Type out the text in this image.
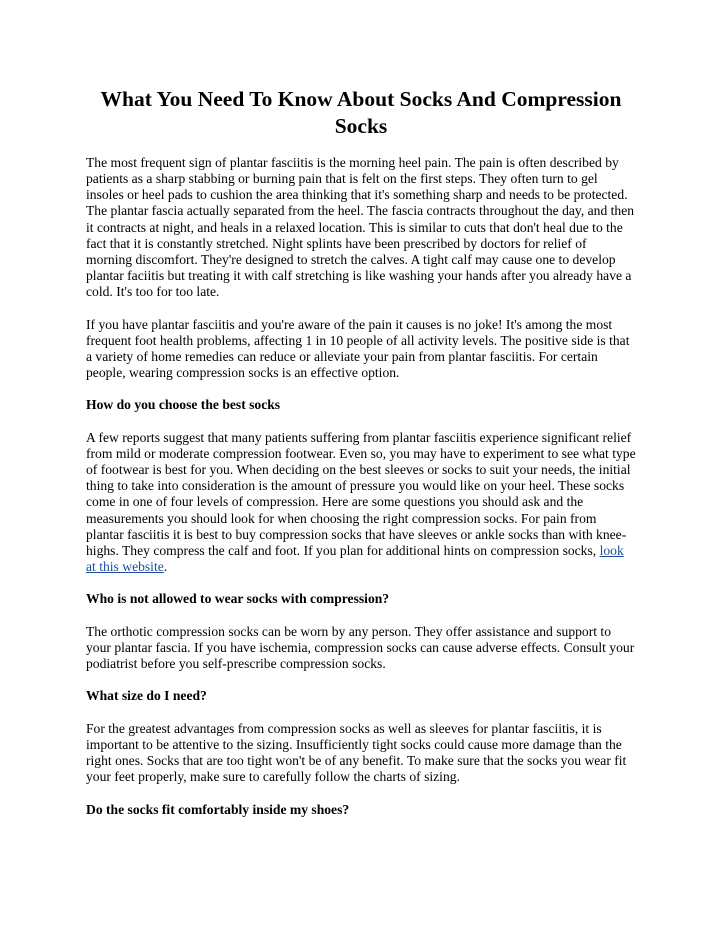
What You Need To Know About Socks And Compression Socks

The most frequent sign of plantar fasciitis is the morning heel pain. The pain is often described by patients as a sharp stabbing or burning pain that is felt on the first steps. They often turn to gel insoles or heel pads to cushion the area thinking that it's something sharp and needs to be protected. The plantar fascia actually separated from the heel. The fascia contracts throughout the day, and then it contracts at night, and heals in a relaxed location. This is similar to cuts that don't heal due to the fact that it is constantly stretched. Night splints have been prescribed by doctors for relief of morning discomfort. They're designed to stretch the calves. A tight calf may cause one to develop plantar faciitis but treating it with calf stretching is like washing your hands after you already have a cold. It's too for too late.

If you have plantar fasciitis and you're aware of the pain it causes is no joke! It's among the most frequent foot health problems, affecting 1 in 10 people of all activity levels. The positive side is that a variety of home remedies can reduce or alleviate your pain from plantar fasciitis. For certain people, wearing compression socks is an effective option.

How do you choose the best socks

A few reports suggest that many patients suffering from plantar fasciitis experience significant relief from mild or moderate compression footwear. Even so, you may have to experiment to see what type of footwear is best for you. When deciding on the best sleeves or socks to suit your needs, the initial thing to take into consideration is the amount of pressure you would like on your heel. These socks come in one of four levels of compression. Here are some questions you should ask and the measurements you should look for when choosing the right compression socks. For pain from plantar fasciitis it is best to buy compression socks that have sleeves or ankle socks than with knee-highs. They compress the calf and foot. If you plan for additional hints on compression socks, look at this website.

Who is not allowed to wear socks with compression?

The orthotic compression socks can be worn by any person. They offer assistance and support to your plantar fascia. If you have ischemia, compression socks can cause adverse effects. Consult your podiatrist before you self-prescribe compression socks.

What size do I need?

For the greatest advantages from compression socks as well as sleeves for plantar fasciitis, it is important to be attentive to the sizing. Insufficiently tight socks could cause more damage than the right ones. Socks that are too tight won't be of any benefit. To make sure that the socks you wear fit your feet properly, make sure to carefully follow the charts of sizing.

Do the socks fit comfortably inside my shoes?
